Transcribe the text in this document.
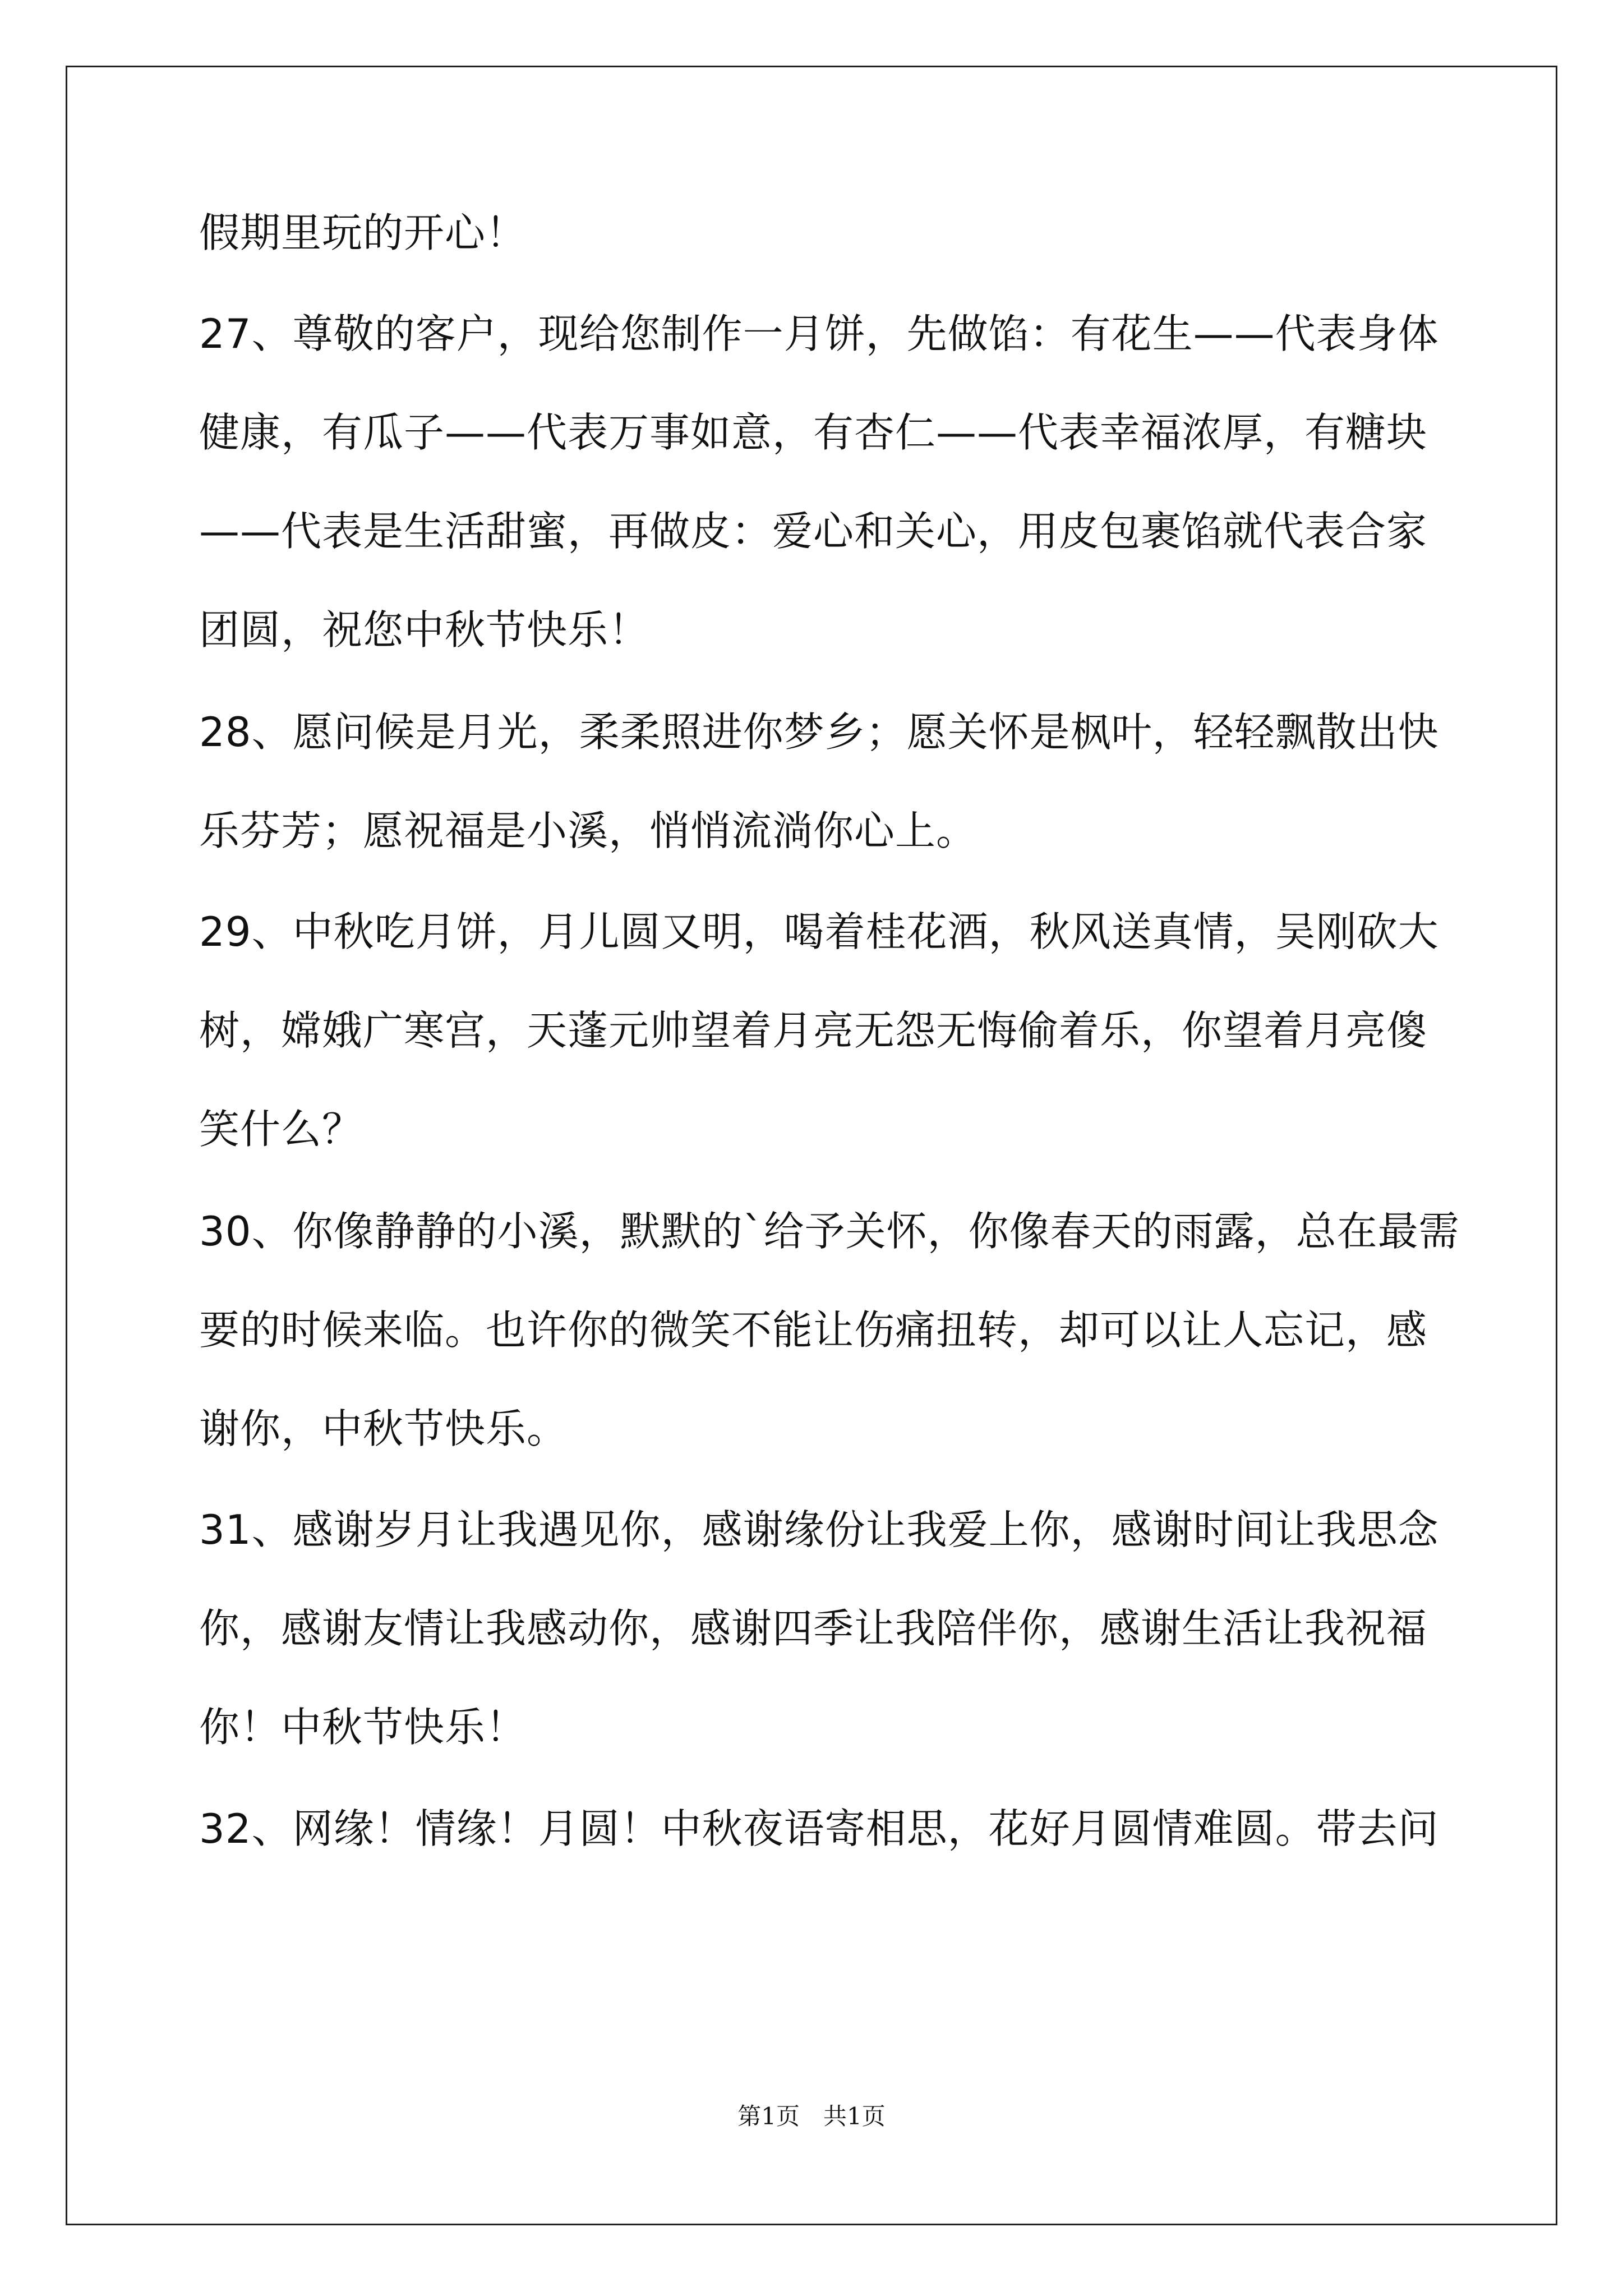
假期里玩的开心！
27、尊敬的客户，现给您制作一月饼，先做馅：有花生——代表身体
健康，有瓜子——代表万事如意，有杏仁——代表幸福浓厚，有糖块
——代表是生活甜蜜，再做皮：爱心和关心，用皮包裹馅就代表合家
团圆，祝您中秋节快乐！
28、愿问候是月光，柔柔照进你梦乡；愿关怀是枫叶，轻轻飘散出快
乐芬芳；愿祝福是小溪，悄悄流淌你心上。
29、中秋吃月饼，月儿圆又明，喝着桂花酒，秋风送真情，吴刚砍大
树，嫦娥广寒宫，天蓬元帅望着月亮无怨无悔偷着乐，你望着月亮傻
笑什么？
30、你像静静的小溪，默默的`给予关怀，你像春天的雨露，总在最需
要的时候来临。也许你的微笑不能让伤痛扭转，却可以让人忘记，感
谢你，中秋节快乐。
31、感谢岁月让我遇见你，感谢缘份让我爱上你，感谢时间让我思念
你，感谢友情让我感动你，感谢四季让我陪伴你，感谢生活让我祝福
你！中秋节快乐！
32、网缘！情缘！月圆！中秋夜语寄相思，花好月圆情难圆。带去问
第1页　共1页
